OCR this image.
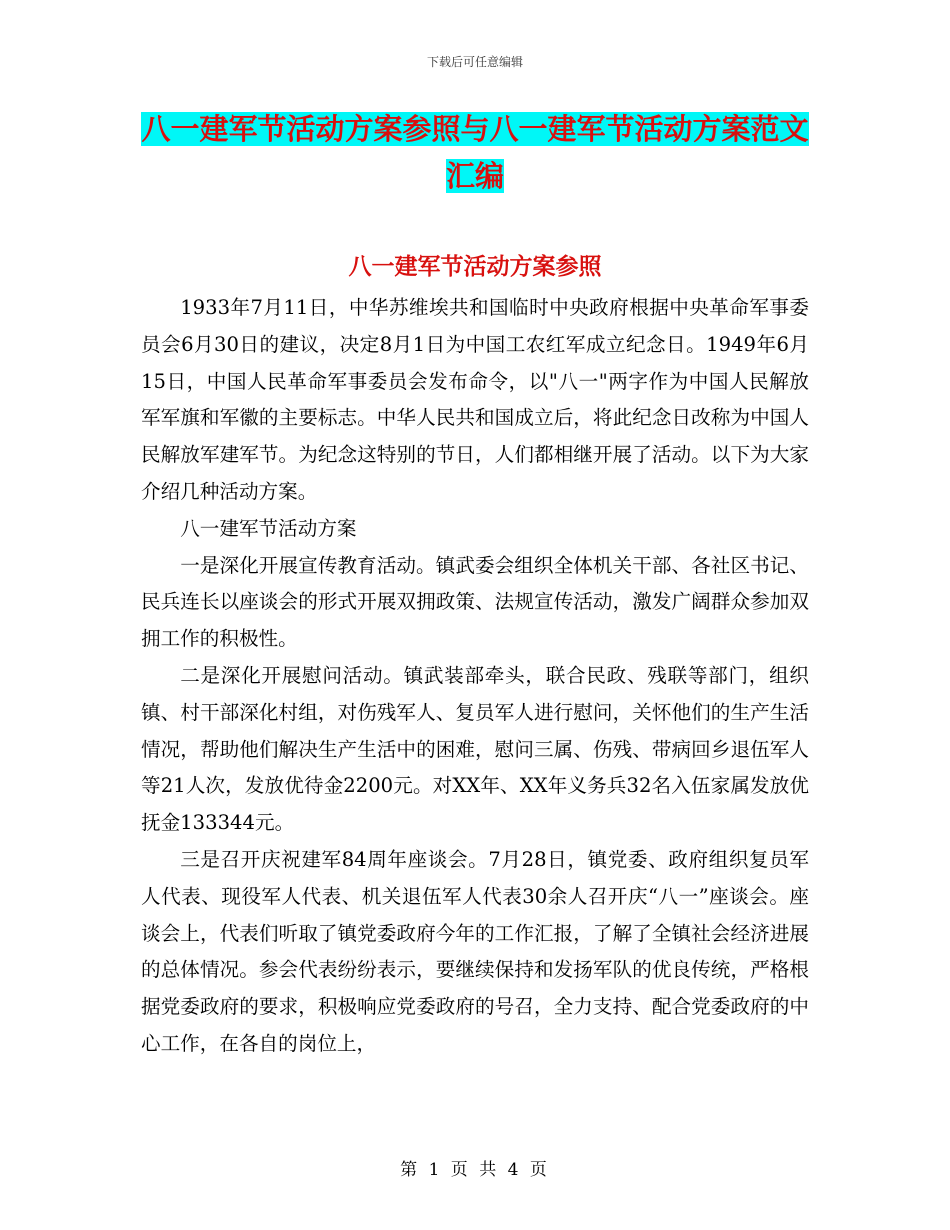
下载后可任意编辑
八一建军节活动方案参照与八一建军节活动方案范文
汇编
八一建军节活动方案参照

1933年7月11日，中华苏维埃共和国临时中央政府根据中央革命军事委员会6月30日的建议，决定8月1日为中国工农红军成立纪念日。1949年6月15日，中国人民革命军事委员会发布命令，以"八一"两字作为中国人民解放军军旗和军徽的主要标志。中华人民共和国成立后，将此纪念日改称为中国人民解放军建军节。为纪念这特别的节日，人们都相继开展了活动。以下为大家介绍几种活动方案。

八一建军节活动方案

一是深化开展宣传教育活动。镇武委会组织全体机关干部、各社区书记、民兵连长以座谈会的形式开展双拥政策、法规宣传活动，激发广阔群众参加双拥工作的积极性。

二是深化开展慰问活动。镇武装部牵头，联合民政、残联等部门，组织镇、村干部深化村组，对伤残军人、复员军人进行慰问，关怀他们的生产生活情况，帮助他们解决生产生活中的困难，慰问三属、伤残、带病回乡退伍军人等21人次，发放优待金2200元。对XX年、XX年义务兵32名入伍家属发放优抚金133344元。

三是召开庆祝建军84周年座谈会。7月28日，镇党委、政府组织复员军人代表、现役军人代表、机关退伍军人代表30余人召开庆“八一”座谈会。座谈会上，代表们听取了镇党委政府今年的工作汇报，了解了全镇社会经济进展的总体情况。参会代表纷纷表示，要继续保持和发扬军队的优良传统，严格根据党委政府的要求，积极响应党委政府的号召，全力支持、配合党委政府的中心工作，在各自的岗位上，

第 1 页 共 4 页
